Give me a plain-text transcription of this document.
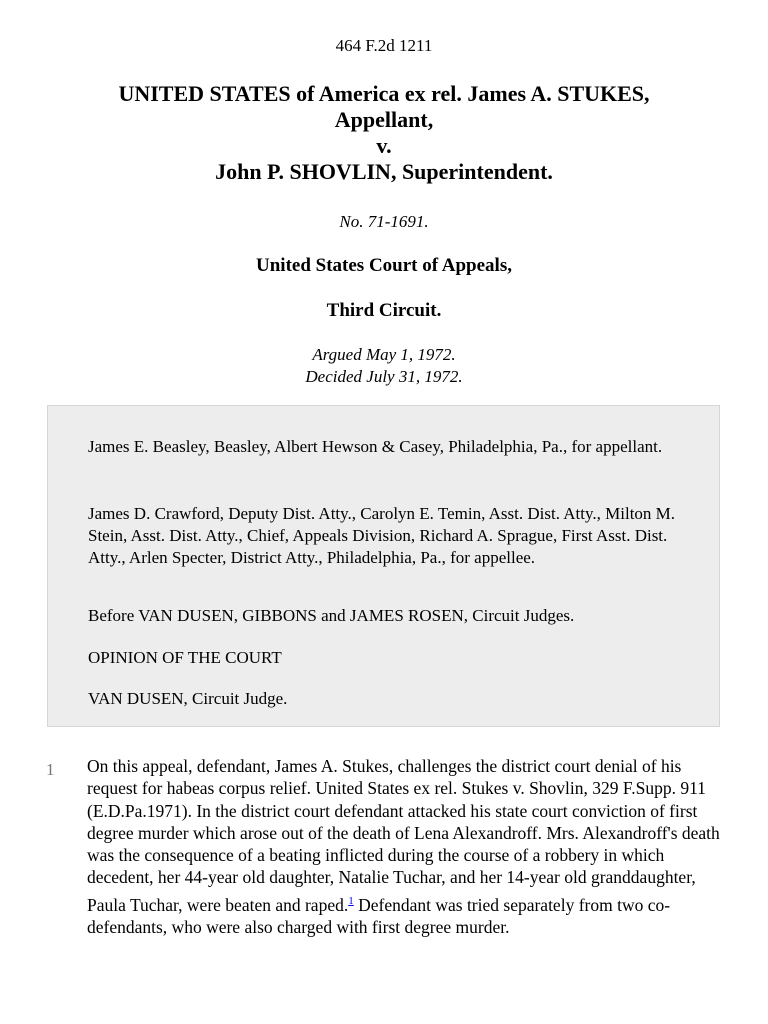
464 F.2d 1211
UNITED STATES of America ex rel. James A. STUKES,
Appellant,
v.
John P. SHOVLIN, Superintendent.
No. 71-1691.
United States Court of Appeals,
Third Circuit.
Argued May 1, 1972.
Decided July 31, 1972.

James E. Beasley, Beasley, Albert Hewson & Casey, Philadelphia, Pa., for appellant.

James D. Crawford, Deputy Dist. Atty., Carolyn E. Temin, Asst. Dist. Atty., Milton M. Stein, Asst. Dist. Atty., Chief, Appeals Division, Richard A. Sprague, First Asst. Dist. Atty., Arlen Specter, District Atty., Philadelphia, Pa., for appellee.

Before VAN DUSEN, GIBBONS and JAMES ROSEN, Circuit Judges.

OPINION OF THE COURT

VAN DUSEN, Circuit Judge.

1 On this appeal, defendant, James A. Stukes, challenges the district court denial of his request for habeas corpus relief. United States ex rel. Stukes v. Shovlin, 329 F.Supp. 911 (E.D.Pa.1971). In the district court defendant attacked his state court conviction of first degree murder which arose out of the death of Lena Alexandroff. Mrs. Alexandroff's death was the consequence of a beating inflicted during the course of a robbery in which decedent, her 44-year old daughter, Natalie Tuchar, and her 14-year old granddaughter, Paula Tuchar, were beaten and raped.$^1$ Defendant was tried separately from two co-defendants, who were also charged with first degree murder.
